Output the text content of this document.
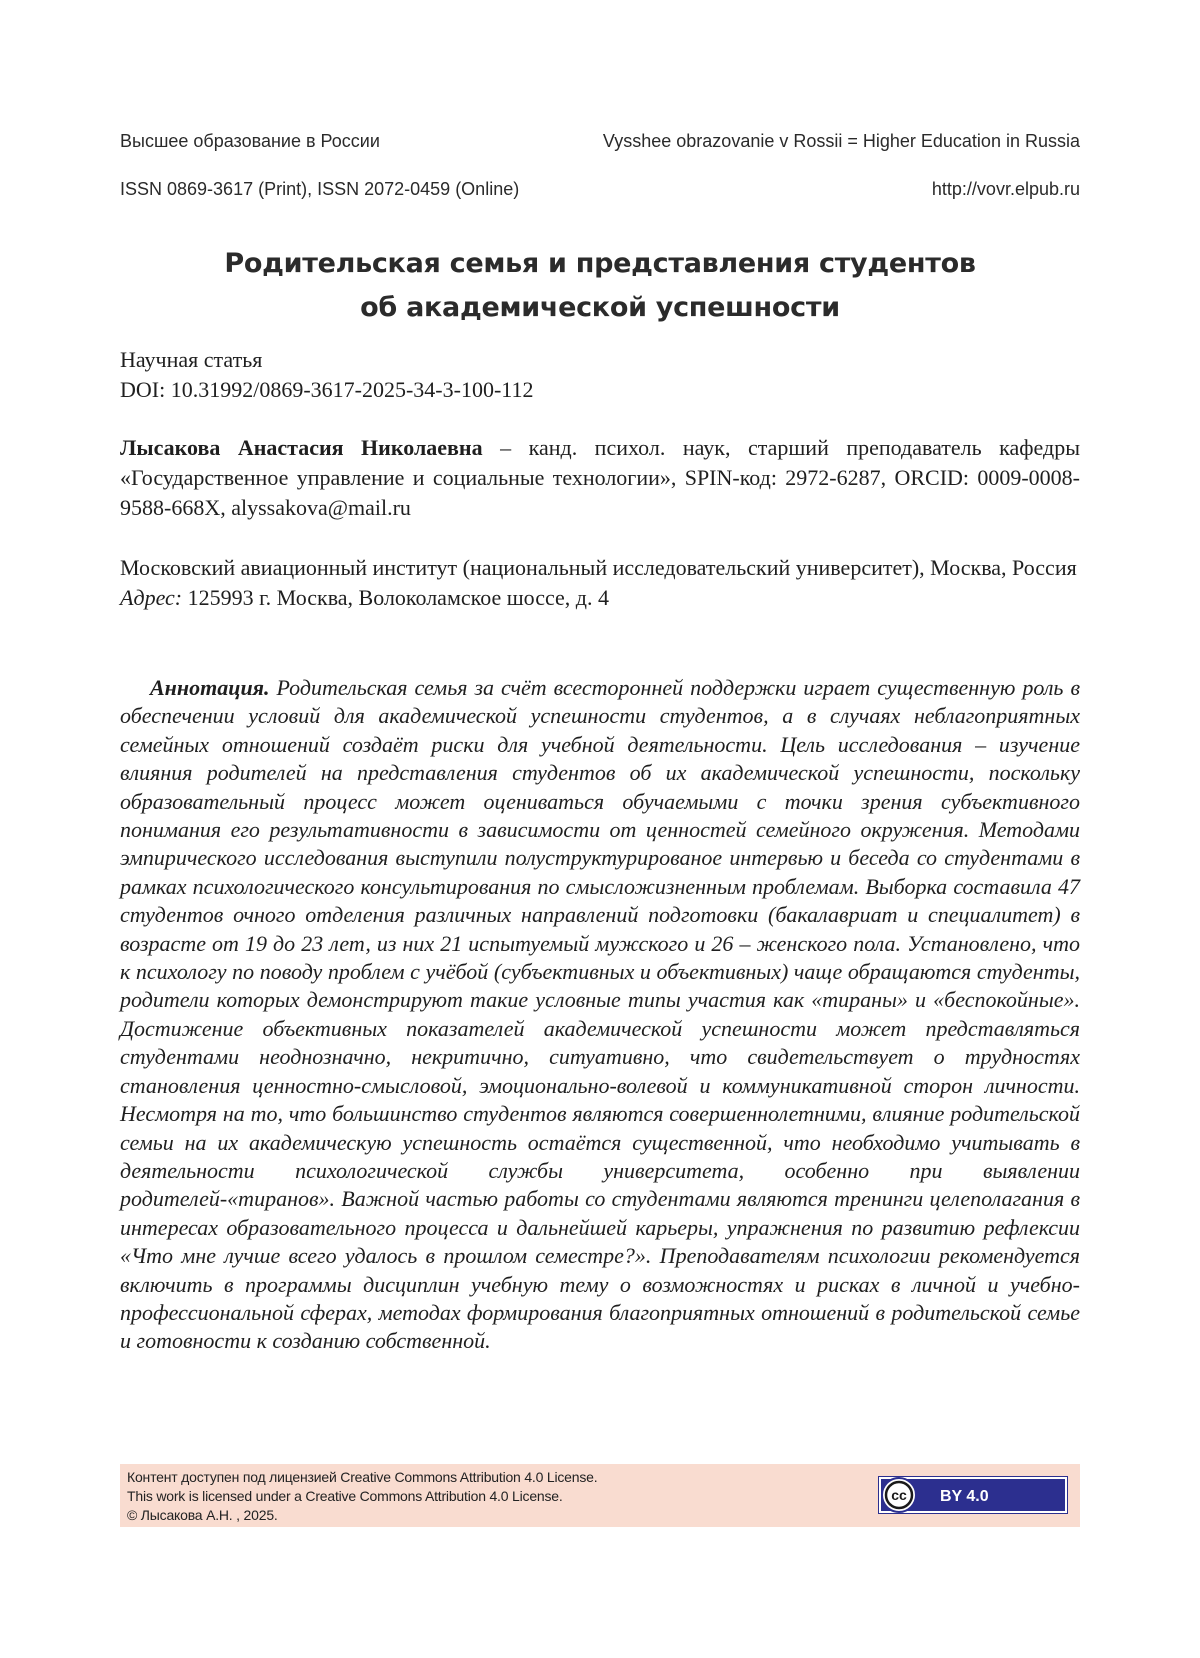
Высшее образование в России	Vysshee obrazovanie v Rossii = Higher Education in Russia
ISSN 0869-3617 (Print), ISSN 2072-0459 (Online)	http://vovr.elpub.ru
Родительская семья и представления студентов
об академической успешности
Научная статья
DOI: 10.31992/0869-3617-2025-34-3-100-112
Лысакова Анастасия Николаевна – канд. психол. наук, старший преподаватель кафедры «Государственное управление и социальные технологии», SPIN-код: 2972-6287, ORCID: 0009-0008-9588-668X, alyssakova@mail.ru
Московский авиационный институт (национальный исследовательский университет), Москва, Россия
Адрес: 125993 г. Москва, Волоколамское шоссе, д. 4
Аннотация. Родительская семья за счёт всесторонней поддержки играет существенную роль в обеспечении условий для академической успешности студентов, а в случаях неблагоприятных семейных отношений создаёт риски для учебной деятельности. Цель исследования – изучение влияния родителей на представления студентов об их академической успешности, поскольку образовательный процесс может оцениваться обучаемыми с точки зрения субъективного понимания его результативности в зависимости от ценностей семейного окружения. Методами эмпирического исследования выступили полуструктурированое интервью и беседа со студентами в рамках психологического консультирования по смысложизненным проблемам. Выборка составила 47 студентов очного отделения различных направлений подготовки (бакалавриат и специалитет) в возрасте от 19 до 23 лет, из них 21 испытуемый мужского и 26 – женского пола. Установлено, что к психологу по поводу проблем с учёбой (субъективных и объективных) чаще обращаются студенты, родители которых демонстрируют такие условные типы участия как «тираны» и «беспокойные». Достижение объективных показателей академической успешности может представляться студентами неоднозначно, некритично, ситуативно, что свидетельствует о трудностях становления ценностно-смысловой, эмоционально-волевой и коммуникативной сторон личности. Несмотря на то, что большинство студентов являются совершеннолетними, влияние родительской семьи на их академическую успешность остаётся существенной, что необходимо учитывать в деятельности психологической службы университета, особенно при выявлении родителей-«тиранов». Важной частью работы со студентами являются тренинги целеполагания в интересах образовательного процесса и дальнейшей карьеры, упражнения по развитию рефлексии «Что мне лучше всего удалось в прошлом семестре?». Преподавателям психологии рекомендуется включить в программы дисциплин учебную тему о возможностях и рисках в личной и учебно-профессиональной сферах, методах формирования благоприятных отношений в родительской семье и готовности к созданию собственной.
Контент доступен под лицензией Creative Commons Attribution 4.0 License.
This work is licensed under a Creative Commons Attribution 4.0 License.
© Лысакова А.Н. , 2025.
cc BY 4.0
